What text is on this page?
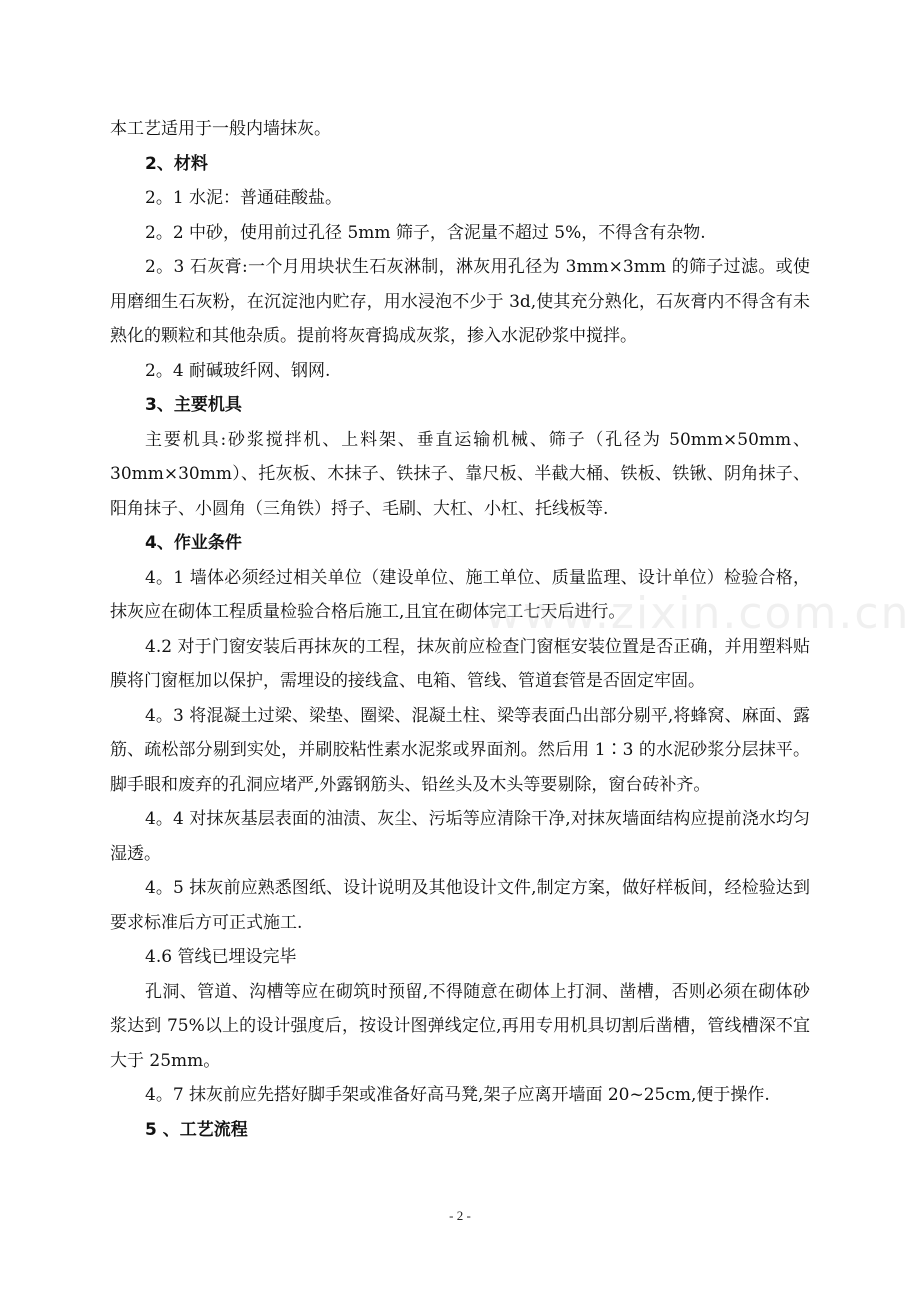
本工艺适用于一般内墙抹灰。

2、材料

2。1 水泥：普通硅酸盐。

2。2 中砂，使用前过孔径 5mm 筛子，含泥量不超过 5%，不得含有杂物.

2。3 石灰膏:一个月用块状生石灰淋制，淋灰用孔径为 3mm×3mm 的筛子过滤。或使用磨细生石灰粉，在沉淀池内贮存，用水浸泡不少于 3d,使其充分熟化，石灰膏内不得含有未熟化的颗粒和其他杂质。提前将灰膏捣成灰浆，掺入水泥砂浆中搅拌。

2。4 耐碱玻纤网、钢网.

3、主要机具

主要机具:砂浆搅拌机、上料架、垂直运输机械、筛子（孔径为 50mm×50mm、30mm×30mm）、托灰板、木抹子、铁抹子、靠尺板、半截大桶、铁板、铁锹、阴角抹子、阳角抹子、小圆角（三角铁）捋子、毛刷、大杠、小杠、托线板等.

4、作业条件

4。1 墙体必须经过相关单位（建设单位、施工单位、质量监理、设计单位）检验合格，抹灰应在砌体工程质量检验合格后施工,且宜在砌体完工七天后进行。

4.2 对于门窗安装后再抹灰的工程，抹灰前应检查门窗框安装位置是否正确，并用塑料贴膜将门窗框加以保护，需埋设的接线盒、电箱、管线、管道套管是否固定牢固。

4。3 将混凝土过梁、梁垫、圈梁、混凝土柱、梁等表面凸出部分剔平,将蜂窝、麻面、露筋、疏松部分剔到实处，并刷胶粘性素水泥浆或界面剂。然后用 1∶3 的水泥砂浆分层抹平。脚手眼和废弃的孔洞应堵严,外露钢筋头、铅丝头及木头等要剔除，窗台砖补齐。

4。4 对抹灰基层表面的油渍、灰尘、污垢等应清除干净,对抹灰墙面结构应提前浇水均匀湿透。

4。5 抹灰前应熟悉图纸、设计说明及其他设计文件,制定方案，做好样板间，经检验达到要求标准后方可正式施工.

4.6 管线已埋设完毕

孔洞、管道、沟槽等应在砌筑时预留,不得随意在砌体上打洞、凿槽，否则必须在砌体砂浆达到 75%以上的设计强度后，按设计图弹线定位,再用专用机具切割后凿槽，管线槽深不宜大于 25mm。

4。7 抹灰前应先搭好脚手架或准备好高马凳,架子应离开墙面 20~25cm,便于操作.

5 、工艺流程

www.zixin.com.cn
- 2 -
